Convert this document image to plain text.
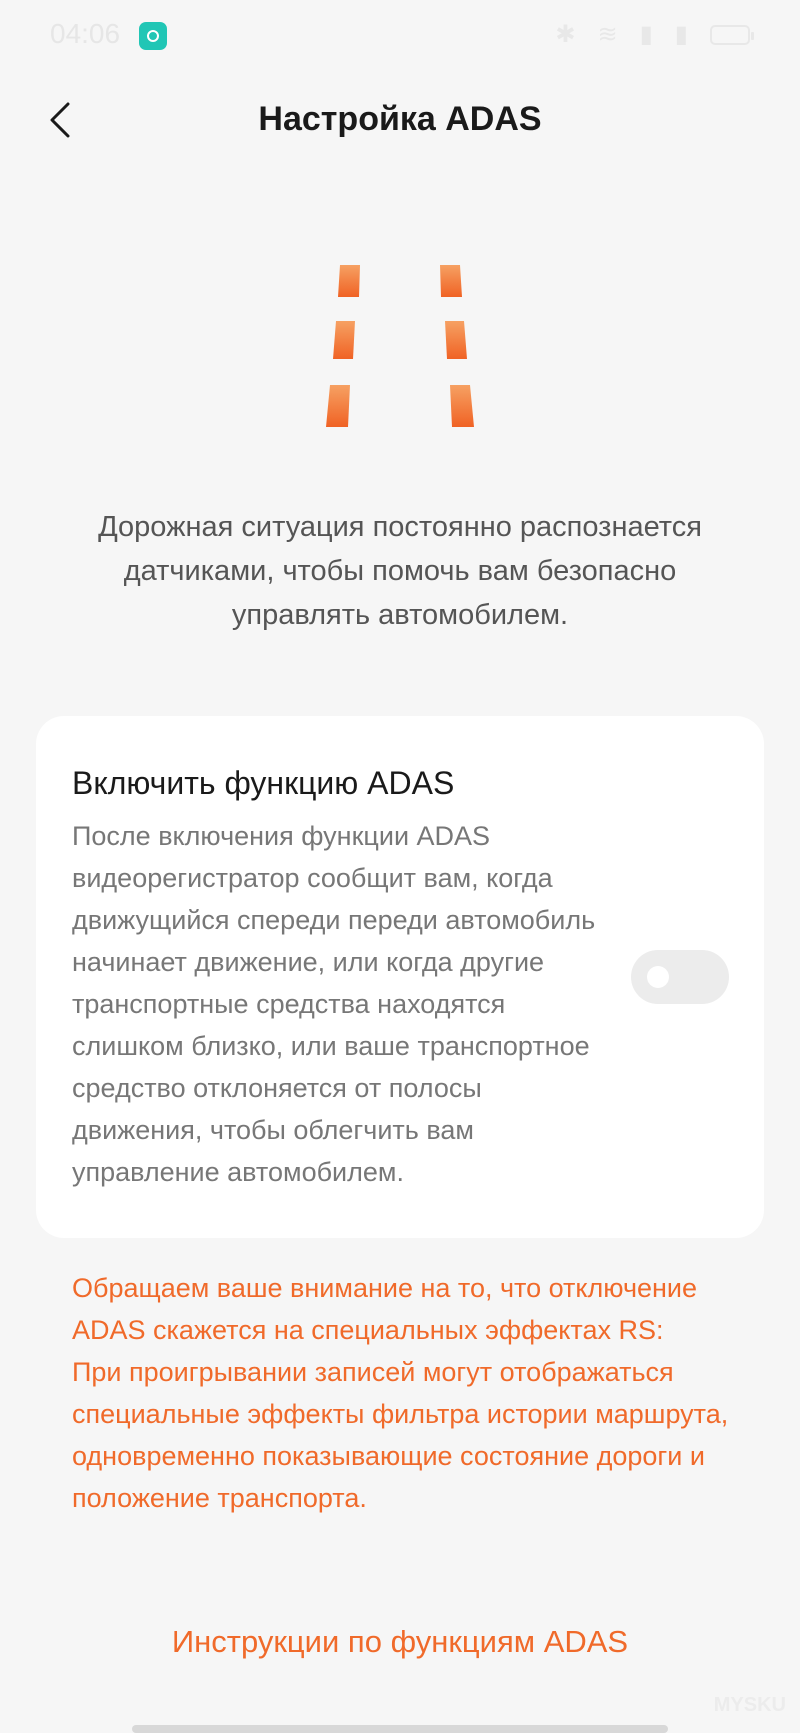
04:06	✱ ≋ ▮ ▮
Настройка ADAS
Дорожная ситуация постоянно распознается датчиками, чтобы помочь вам безопасно управлять автомобилем.
Включить функцию ADAS
После включения функции ADAS видеорегистратор сообщит вам, когда движущийся спереди переди автомобиль начинает движение, или когда другие транспортные средства находятся слишком близко, или ваше транспортное средство отклоняется от полосы движения, чтобы облегчить вам управление автомобилем.

Обращаем ваше внимание на то, что отключение ADAS скажется на специальных эффектах RS:

При проигрывании записей могут отображаться специальные эффекты фильтра истории маршрута, одновременно показывающие состояние дороги и положение транспорта.

Инструкции по функциям ADAS
MYSKU
